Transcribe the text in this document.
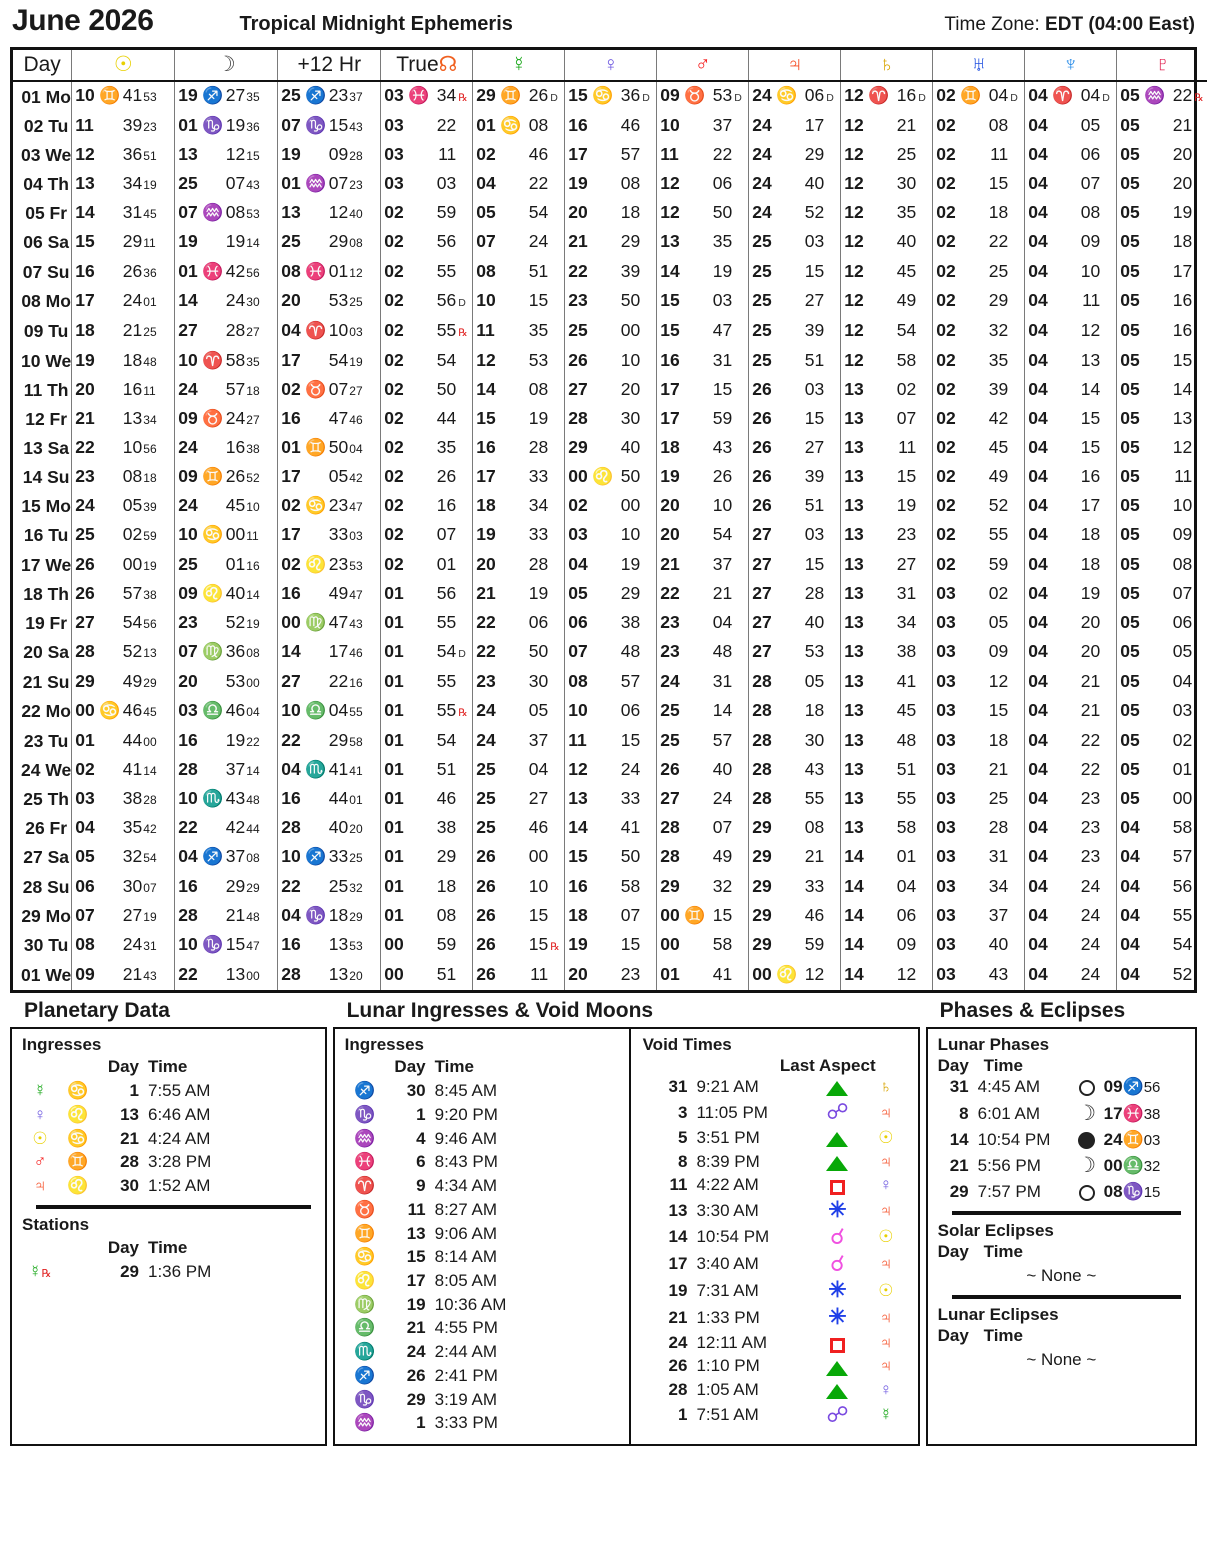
June 2026	Tropical Midnight Ephemeris	Time Zone: EDT (04:00 East)
Day	☉	☽	+12 Hr	True☊	☿	♀	♂	♃	♄	♅	♆	♇
01 Mo	10 ♊ 41 53	19 ♐ 27 35	25 ♐ 23 37	03 ♓ 34 ℞	29 ♊ 26 D	15 ♋ 36 D	09 ♉ 53 D	24 ♋ 06 D	12 ♈ 16 D	02 ♊ 04 D	04 ♈ 04 D	05 ♒ 22 ℞

02 Tu	11 39 23	01 ♑ 19 36	07 ♑ 15 43	03 22	01 ♋ 08	16 46	10 37	24 17	12 21	02 08	04 05	05 21

03 We	12 36 51	13 12 15	19 09 28	03 11	02 46	17 57	11 22	24 29	12 25	02 11	04 06	05 20

04 Th	13 34 19	25 07 43	01 ♒ 07 23	03 03	04 22	19 08	12 06	24 40	12 30	02 15	04 07	05 20

05 Fr	14 31 45	07 ♒ 08 53	13 12 40	02 59	05 54	20 18	12 50	24 52	12 35	02 18	04 08	05 19

06 Sa	15 29 11	19 19 14	25 29 08	02 56	07 24	21 29	13 35	25 03	12 40	02 22	04 09	05 18

07 Su	16 26 36	01 ♓ 42 56	08 ♓ 01 12	02 55	08 51	22 39	14 19	25 15	12 45	02 25	04 10	05 17

08 Mo	17 24 01	14 24 30	20 53 25	02 56 D	10 15	23 50	15 03	25 27	12 49	02 29	04 11	05 16

09 Tu	18 21 25	27 28 27	04 ♈ 10 03	02 55 ℞	11 35	25 00	15 47	25 39	12 54	02 32	04 12	05 16

10 We	19 18 48	10 ♈ 58 35	17 54 19	02 54	12 53	26 10	16 31	25 51	12 58	02 35	04 13	05 15

11 Th	20 16 11	24 57 18	02 ♉ 07 27	02 50	14 08	27 20	17 15	26 03	13 02	02 39	04 14	05 14

12 Fr	21 13 34	09 ♉ 24 27	16 47 46	02 44	15 19	28 30	17 59	26 15	13 07	02 42	04 15	05 13

13 Sa	22 10 56	24 16 38	01 ♊ 50 04	02 35	16 28	29 40	18 43	26 27	13 11	02 45	04 15	05 12

14 Su	23 08 18	09 ♊ 26 52	17 05 42	02 26	17 33	00 ♌ 50	19 26	26 39	13 15	02 49	04 16	05 11

15 Mo	24 05 39	24 45 10	02 ♋ 23 47	02 16	18 34	02 00	20 10	26 51	13 19	02 52	04 17	05 10

16 Tu	25 02 59	10 ♋ 00 11	17 33 03	02 07	19 33	03 10	20 54	27 03	13 23	02 55	04 18	05 09

17 We	26 00 19	25 01 16	02 ♌ 23 53	02 01	20 28	04 19	21 37	27 15	13 27	02 59	04 18	05 08

18 Th	26 57 38	09 ♌ 40 14	16 49 47	01 56	21 19	05 29	22 21	27 28	13 31	03 02	04 19	05 07

19 Fr	27 54 56	23 52 19	00 ♍ 47 43	01 55	22 06	06 38	23 04	27 40	13 34	03 05	04 20	05 06

20 Sa	28 52 13	07 ♍ 36 08	14 17 46	01 54 D	22 50	07 48	23 48	27 53	13 38	03 09	04 20	05 05

21 Su	29 49 29	20 53 00	27 22 16	01 55	23 30	08 57	24 31	28 05	13 41	03 12	04 21	05 04

22 Mo	00 ♋ 46 45	03 ♎ 46 04	10 ♎ 04 55	01 55 ℞	24 05	10 06	25 14	28 18	13 45	03 15	04 21	05 03

23 Tu	01 44 00	16 19 22	22 29 58	01 54	24 37	11 15	25 57	28 30	13 48	03 18	04 22	05 02

24 We	02 41 14	28 37 14	04 ♏ 41 41	01 51	25 04	12 24	26 40	28 43	13 51	03 21	04 22	05 01

25 Th	03 38 28	10 ♏ 43 48	16 44 01	01 46	25 27	13 33	27 24	28 55	13 55	03 25	04 23	05 00

26 Fr	04 35 42	22 42 44	28 40 20	01 38	25 46	14 41	28 07	29 08	13 58	03 28	04 23	04 58

27 Sa	05 32 54	04 ♐ 37 08	10 ♐ 33 25	01 29	26 00	15 50	28 49	29 21	14 01	03 31	04 23	04 57

28 Su	06 30 07	16 29 29	22 25 32	01 18	26 10	16 58	29 32	29 33	14 04	03 34	04 24	04 56

29 Mo	07 27 19	28 21 48	04 ♑ 18 29	01 08	26 15	18 07	00 ♊ 15	29 46	14 06	03 37	04 24	04 55

30 Tu	08 24 31	10 ♑ 15 47	16 13 53	00 59	26 15 ℞	19 15	00 58	29 59	14 09	03 40	04 24	04 54

01 We	09 21 43	22 13 00	28 13 20	00 51	26 11	20 23	01 41	00 ♌ 12	14 12	03 43	04 24	04 52
Planetary Data
Ingresses
		Day	Time
☿	♋	1	7:55 AM
♀	♌	13	6:46 AM
☉	♋	21	4:24 AM
♂	♊	28	3:28 PM
♃	♌	30	1:52 AM
Stations
		Day	Time
☿℞		29	1:36 PM
Lunar Ingresses & Void Moons
Ingresses
	Day	Time
♐	30	8:45 AM
♑	1	9:20 PM
♒	4	9:46 AM
♓	6	8:43 PM
♈	9	4:34 AM
♉	11	8:27 AM
♊	13	9:06 AM
♋	15	8:14 AM
♌	17	8:05 AM
♍	19	10:36 AM
♎	21	4:55 PM
♏	24	2:44 AM
♐	26	2:41 PM
♑	29	3:19 AM
♒	1	3:33 PM
Void Times
Last Aspect
31	9:21 AM		♄
3	11:05 PM	☍	♃
5	3:51 PM		☉
8	8:39 PM		♃
11	4:22 AM		♀
13	3:30 AM	✳	♃
14	10:54 PM	☌	☉
17	3:40 AM	☌	♃
19	7:31 AM	✳	☉
21	1:33 PM	✳	♃
24	12:11 AM		♃
26	1:10 PM		♃
28	1:05 AM		♀
1	7:51 AM	☍	☿
Phases & Eclipses
Lunar Phases
Day Time
31	4:45 AM		09♐56
8	6:01 AM	☽	17♓38
14	10:54 PM		24♊03
21	5:56 PM	☽	00♎32
29	7:57 PM		08♑15
Solar Eclipses
Day Time
~ None ~
Lunar Eclipses
Day Time
~ None ~
